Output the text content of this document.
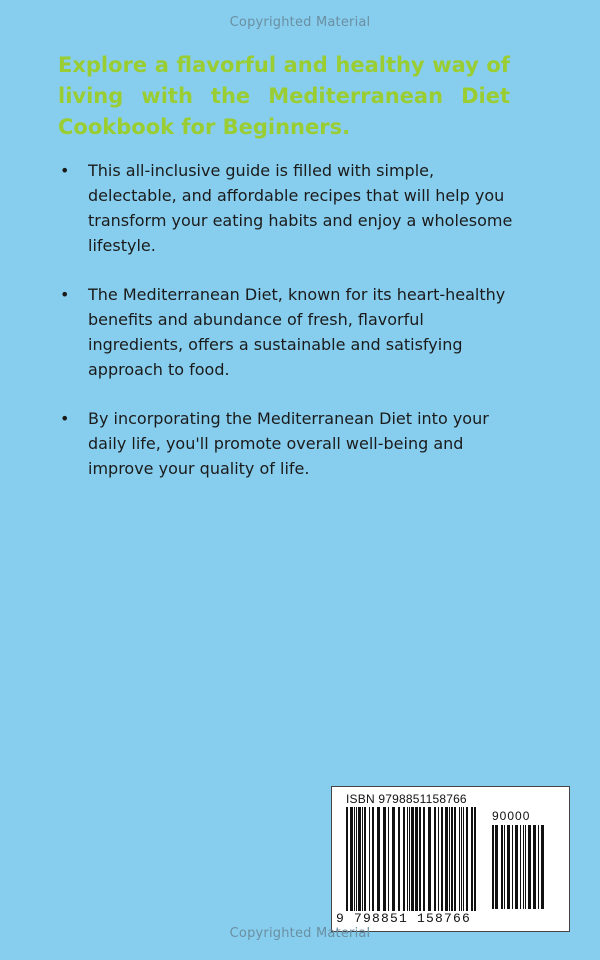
Copyrighted Material

Explore a flavorful and healthy way of living with the Mediterranean Diet Cookbook for Beginners.

• This all-inclusive guide is filled with simple, delectable, and affordable recipes that will help you transform your eating habits and enjoy a wholesome lifestyle.
• The Mediterranean Diet, known for its heart-healthy benefits and abundance of fresh, flavorful ingredients, offers a sustainable and satisfying approach to food.
• By incorporating the Mediterranean Diet into your daily life, you'll promote overall well-being and improve your quality of life.
ISBN 9798851158766
90000
9 798851 158766
Copyrighted Material
